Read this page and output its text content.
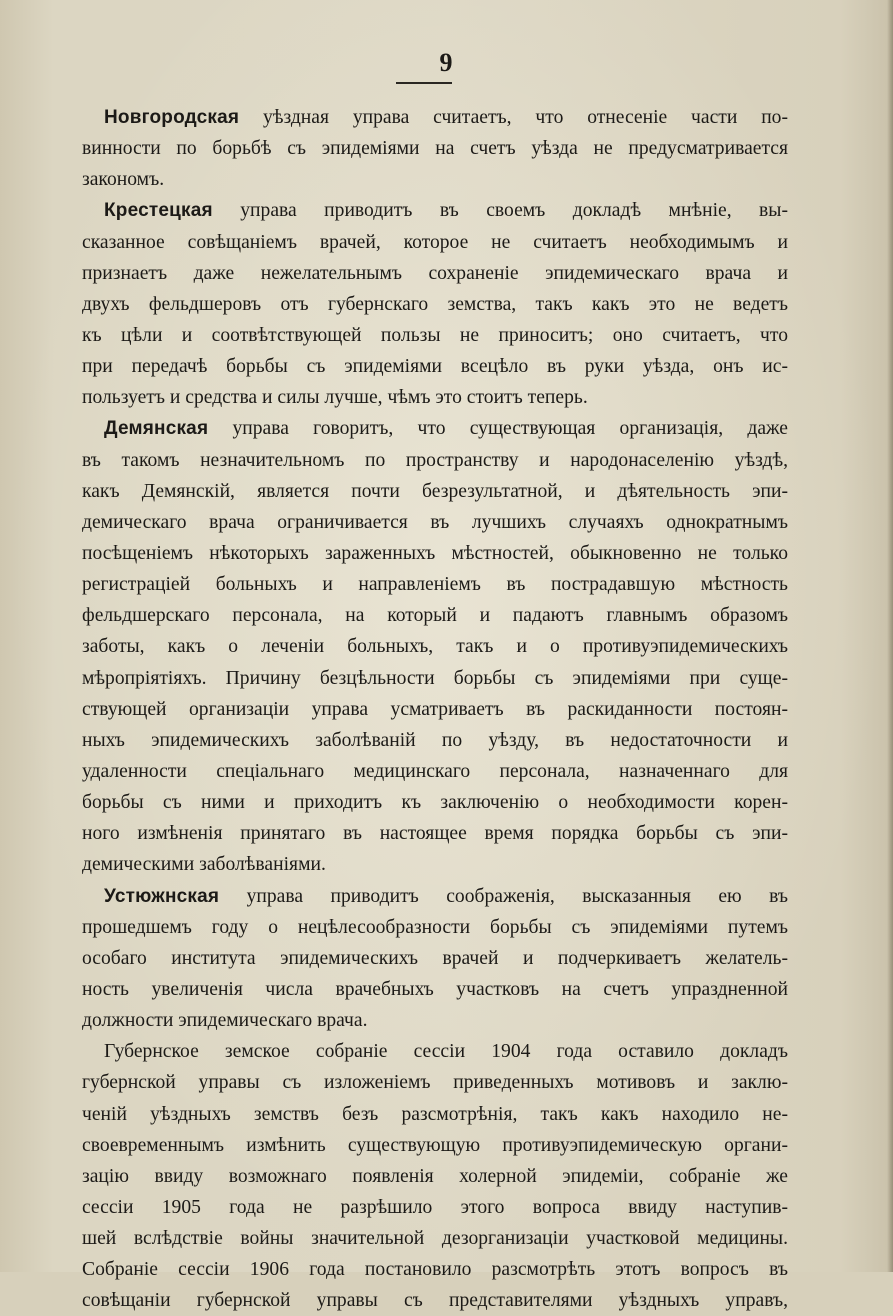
9
Новгородская уѣздная управа считаетъ, что отнесеніе части по-
винности по борьбѣ съ эпидеміями на счетъ уѣзда не предусматривается
закономъ.
Крестецкая управа приводитъ въ своемъ докладѣ мнѣніе, вы-
сказанное совѣщаніемъ врачей, которое не считаетъ необходимымъ и
признаетъ даже нежелательнымъ сохраненіе эпидемическаго врача и
двухъ фельдшеровъ отъ губернскаго земства, такъ какъ это не ведетъ
къ цѣли и соотвѣтствующей пользы не приноситъ; оно считаетъ, что
при передачѣ борьбы съ эпидеміями всецѣло въ руки уѣзда, онъ ис-
пользуетъ и средства и силы лучше, чѣмъ это стоитъ теперь.
Демянская управа говоритъ, что существующая организація, даже
въ такомъ незначительномъ по пространству и народонаселенію уѣздѣ,
какъ Демянскій, является почти безрезультатной, и дѣятельность эпи-
демическаго врача ограничивается въ лучшихъ случаяхъ однократнымъ
посѣщеніемъ нѣкоторыхъ зараженныхъ мѣстностей, обыкновенно не только
регистраціей больныхъ и направленіемъ въ пострадавшую мѣстность
фельдшерскаго персонала, на который и падаютъ главнымъ образомъ
заботы, какъ о леченіи больныхъ, такъ и о противуэпидемическихъ
мѣропріятіяхъ. Причину безцѣльности борьбы съ эпидеміями при суще-
ствующей организаціи управа усматриваетъ въ раскиданности постоян-
ныхъ эпидемическихъ заболѣваній по уѣзду, въ недостаточности и
удаленности спеціальнаго медицинскаго персонала, назначеннаго для
борьбы съ ними и приходитъ къ заключенію о необходимости корен-
ного измѣненія принятаго въ настоящее время порядка борьбы съ эпи-
демическими заболѣваніями.
Устюжнская управа приводитъ соображенія, высказанныя ею въ
прошедшемъ году о нецѣлесообразности борьбы съ эпидеміями путемъ
особаго института эпидемическихъ врачей и подчеркиваетъ желатель-
ность увеличенія числа врачебныхъ участковъ на счетъ упраздненной
должности эпидемическаго врача.
Губернское земское собраніе сессіи 1904 года оставило докладъ
губернской управы съ изложеніемъ приведенныхъ мотивовъ и заклю-
ченій уѣздныхъ земствъ безъ разсмотрѣнія, такъ какъ находило не-
своевременнымъ измѣнить существующую противуэпидемическую органи-
зацію ввиду возможнаго появленія холерной эпидеміи, собраніе же
сессіи 1905 года не разрѣшило этого вопроса ввиду наступив-
шей вслѣдствіе войны значительной дезорганизаціи участковой медицины.
Собраніе сессіи 1906 года постановило разсмотрѣть этотъ вопросъ въ
совѣщаніи губернской управы съ представителями уѣздныхъ управъ,
